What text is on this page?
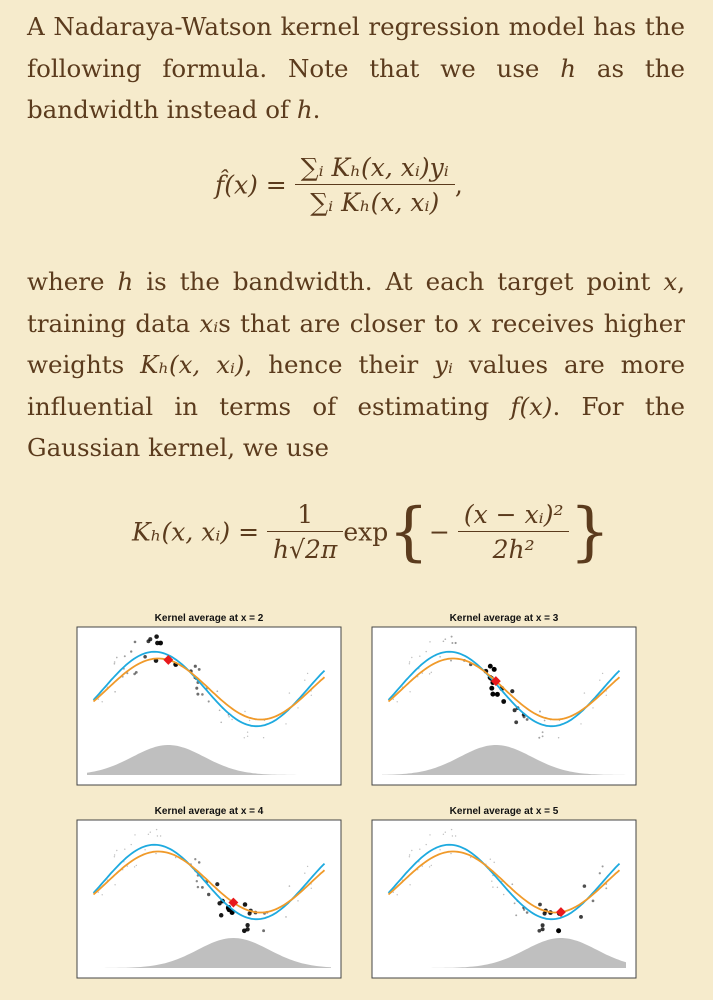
A Nadaraya-Watson kernel regression model has the following formula. Note that we use h as the bandwidth instead of h.
f̂(x) = $\frac{\text{∑ᵢ Kₕ(x, xᵢ)yᵢ}}{\text{∑ᵢ Kₕ(x, xᵢ)}}$ ,
where h is the bandwidth. At each target point x, training data xᵢs that are closer to x receives higher weights Kₕ(x, xᵢ), hence their yᵢ values are more influential in terms of estimating f(x). For the Gaussian kernel, we use
Kₕ(x, xᵢ) = $\frac{1}{h√2\pi} \exp\{- \frac{\text{(x − xᵢ)²}}{\text{2h²}}$ }
Kernel average at x = 2	Kernel average at x = 3
Kernel average at x = 4	Kernel average at x = 5
